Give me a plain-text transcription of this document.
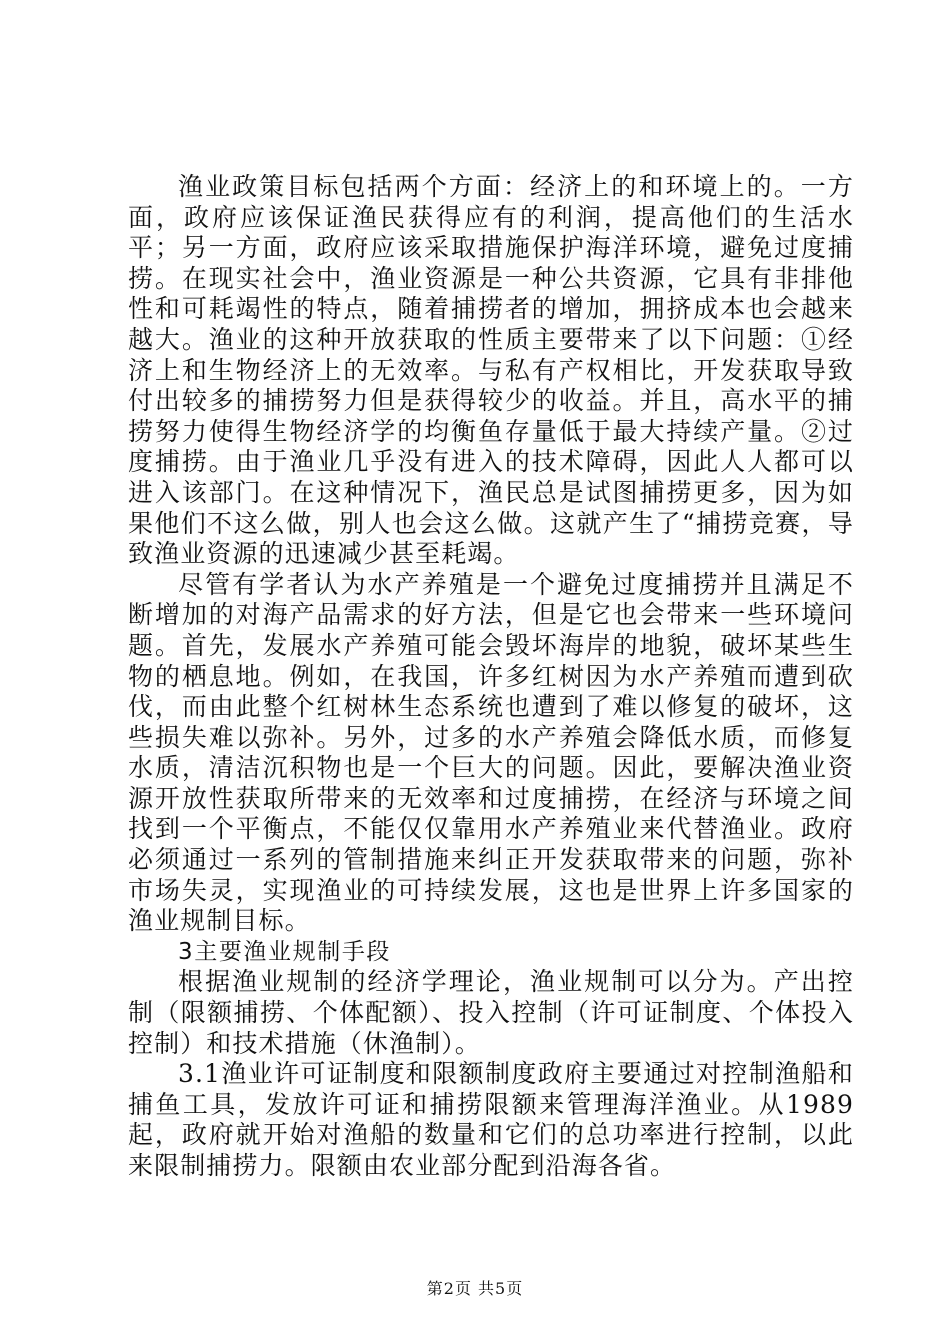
渔业政策目标包括两个方面：经济上的和环境上的。一方面，政府应该保证渔民获得应有的利润，提高他们的生活水平；另一方面，政府应该采取措施保护海洋环境，避免过度捕捞。在现实社会中，渔业资源是一种公共资源，它具有非排他性和可耗竭性的特点，随着捕捞者的增加，拥挤成本也会越来越大。渔业的这种开放获取的性质主要带来了以下问题：①经济上和生物经济上的无效率。与私有产权相比，开发获取导致付出较多的捕捞努力但是获得较少的收益。并且，高水平的捕捞努力使得生物经济学的均衡鱼存量低于最大持续产量。②过度捕捞。由于渔业几乎没有进入的技术障碍，因此人人都可以进入该部门。在这种情况下，渔民总是试图捕捞更多，因为如果他们不这么做，别人也会这么做。这就产生了“捕捞竞赛，导致渔业资源的迅速减少甚至耗竭。

尽管有学者认为水产养殖是一个避免过度捕捞并且满足不断增加的对海产品需求的好方法，但是它也会带来一些环境问题。首先，发展水产养殖可能会毁坏海岸的地貌，破坏某些生物的栖息地。例如，在我国，许多红树因为水产养殖而遭到砍伐，而由此整个红树林生态系统也遭到了难以修复的破坏，这些损失难以弥补。另外，过多的水产养殖会降低水质，而修复水质，清洁沉积物也是一个巨大的问题。因此，要解决渔业资源开放性获取所带来的无效率和过度捕捞，在经济与环境之间找到一个平衡点，不能仅仅靠用水产养殖业来代替渔业。政府必须通过一系列的管制措施来纠正开发获取带来的问题，弥补市场失灵，实现渔业的可持续发展，这也是世界上许多国家的渔业规制目标。

3主要渔业规制手段

根据渔业规制的经济学理论，渔业规制可以分为。产出控制（限额捕捞、个体配额）、投入控制（许可证制度、个体投入控制）和技术措施（休渔制）。

3.1渔业许可证制度和限额制度政府主要通过对控制渔船和捕鱼工具，发放许可证和捕捞限额来管理海洋渔业。从1989起，政府就开始对渔船的数量和它们的总功率进行控制，以此来限制捕捞力。限额由农业部分配到沿海各省。

第2页 共5页
